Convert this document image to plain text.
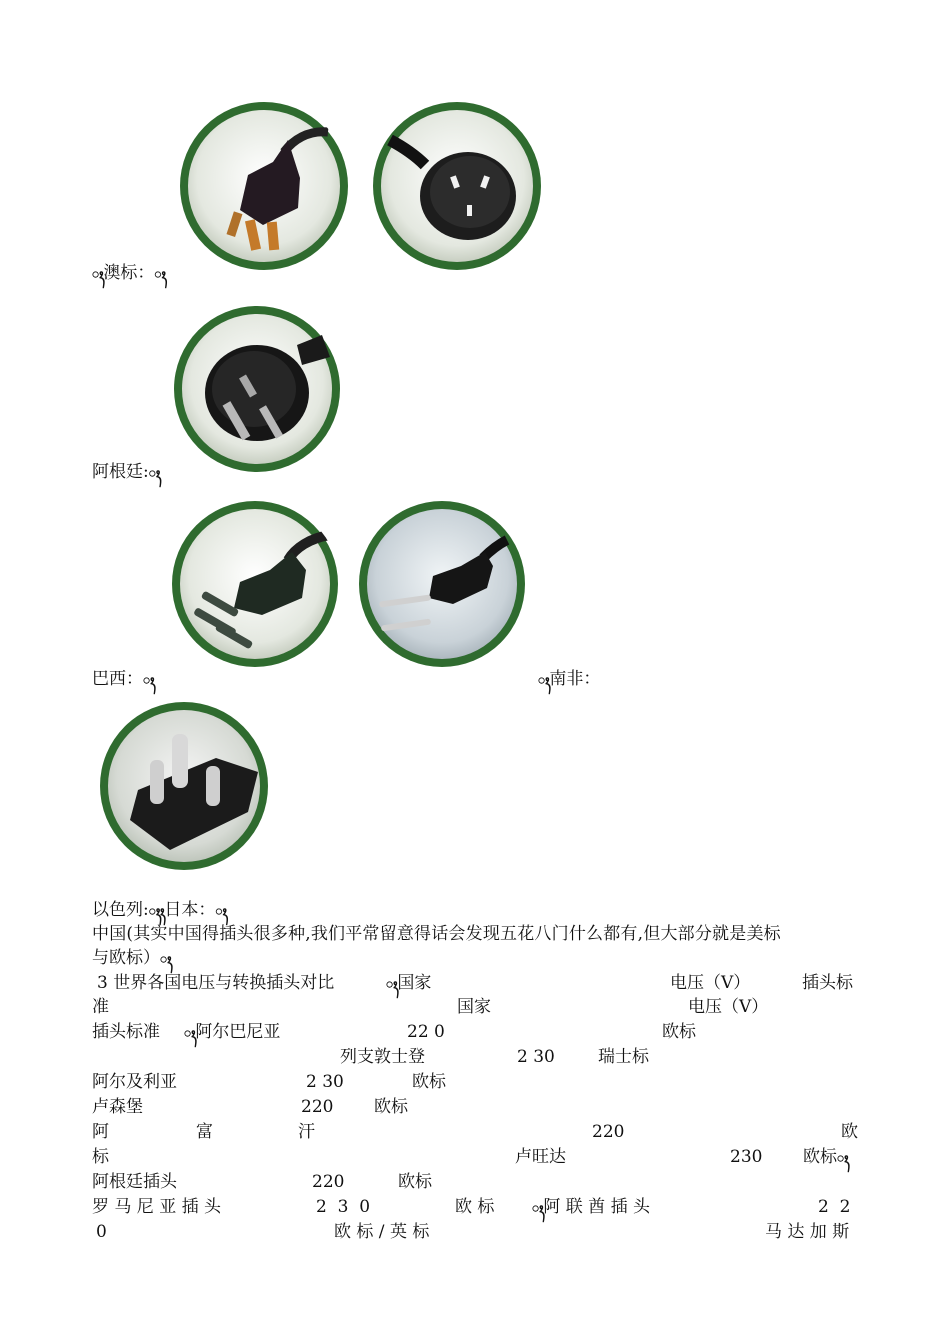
ꦃ澳标：ꦃ
阿根廷:ꦃ
巴西：ꦃ	ꦃ南非：
以色列:ꦃ日本：ꦃ
中国(其实中国得插头很多种,我们平常留意得话会发现五花八门什么都有,但大部分就是美标
与欧标）ꦃ
3 世界各国电压与转换插头对比	ꦃ国家	电压（V）	插头标
准	国家	电压（V）
插头标准 ꦃ阿尔巴尼亚	22 0	欧标
列支敦士登	2 30	瑞士标
阿尔及利亚	2 30	欧标
卢森堡	220 欧标
阿	富	汗	220	欧
标	卢旺达	230 欧标ꦃ
阿根廷插头	220	欧标
罗 马 尼 亚 插 头	2  3  0	欧 标	ꦃ阿 联 酋 插 头	2  2
0	欧 标 / 英 标	马 达 加 斯
